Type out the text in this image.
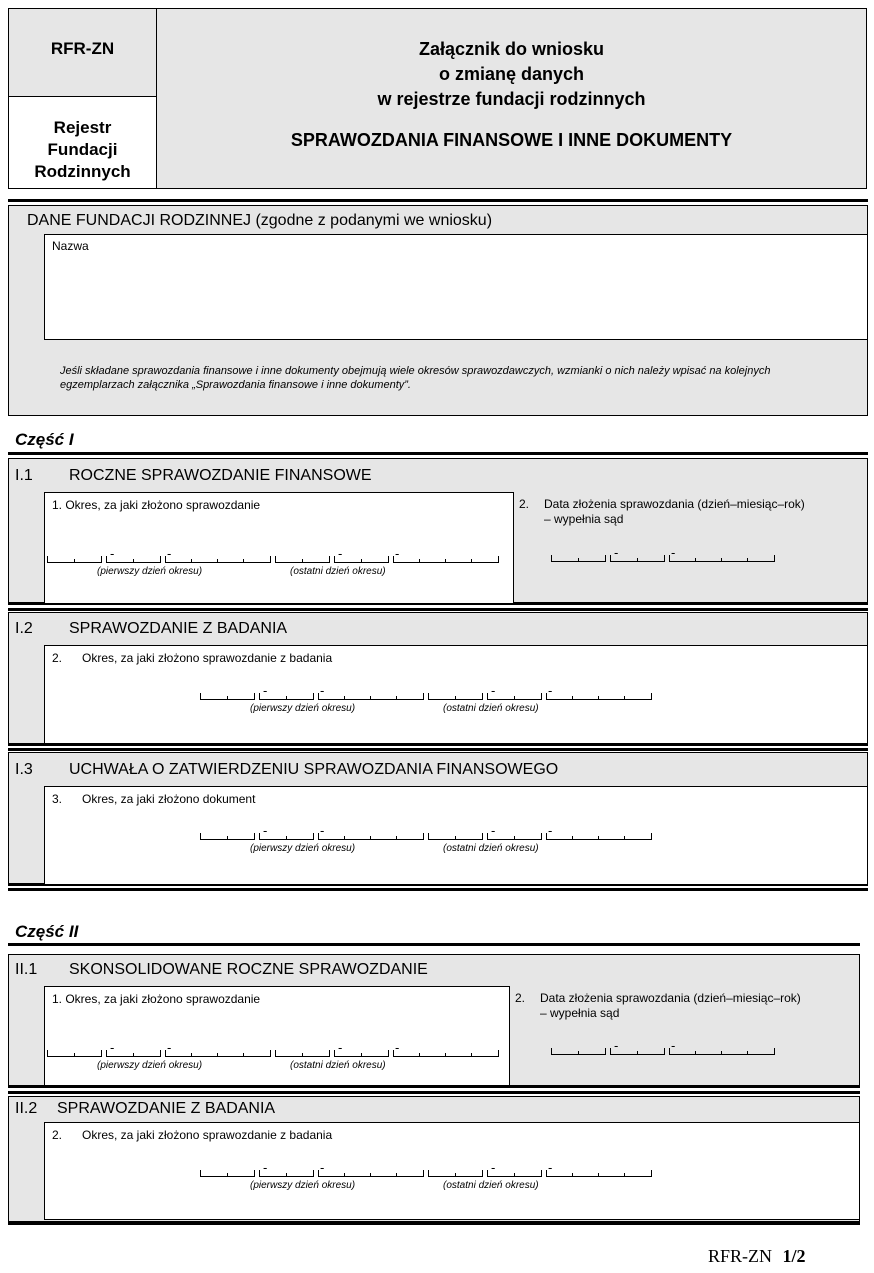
RFR-ZN
Rejestr
Fundacji
Rodzinnych
Załącznik do wniosku
o zmianę danych
w rejestrze fundacji rodzinnych
SPRAWOZDANIA FINANSOWE I INNE DOKUMENTY
DANE FUNDACJI RODZINNEJ (zgodne z podanymi we wniosku)
Nazwa
Jeśli składane sprawozdania finansowe i inne dokumenty obejmują wiele okresów sprawozdawczych, wzmianki o nich należy wpisać na kolejnych egzemplarzach załącznika „Sprawozdania finansowe i inne dokumenty”.
Część I
I.1 ROCZNE SPRAWOZDANIE FINANSOWE
1. Okres, za jaki złożono sprawozdanie	2. Data złożenia sprawozdania (dzień–miesiąc–rok)
– wypełnia sąd
I.2 SPRAWOZDANIE Z BADANIA
2. Okres, za jaki złożono sprawozdanie z badania
I.3 UCHWAŁA O ZATWIERDZENIU SPRAWOZDANIA FINANSOWEGO
3. Okres, za jaki złożono dokument
Część II
II.1 SKONSOLIDOWANE ROCZNE SPRAWOZDANIE
1. Okres, za jaki złożono sprawozdanie	2. Data złożenia sprawozdania (dzień–miesiąc–rok)
– wypełnia sąd
II.2 SPRAWOZDANIE Z BADANIA
2. Okres, za jaki złożono sprawozdanie z badania
-	-	-	-
(pierwszy dzień okresu)	(ostatni dzień okresu)
-	-
-	-	-	-
(pierwszy dzień okresu)	(ostatni dzień okresu)
-	-	-	-
(pierwszy dzień okresu)	(ostatni dzień okresu)
-	-	-	-
(pierwszy dzień okresu)	(ostatni dzień okresu)
-	-
-	-	-	-
(pierwszy dzień okresu)	(ostatni dzień okresu)
RFR-ZN 1/2
